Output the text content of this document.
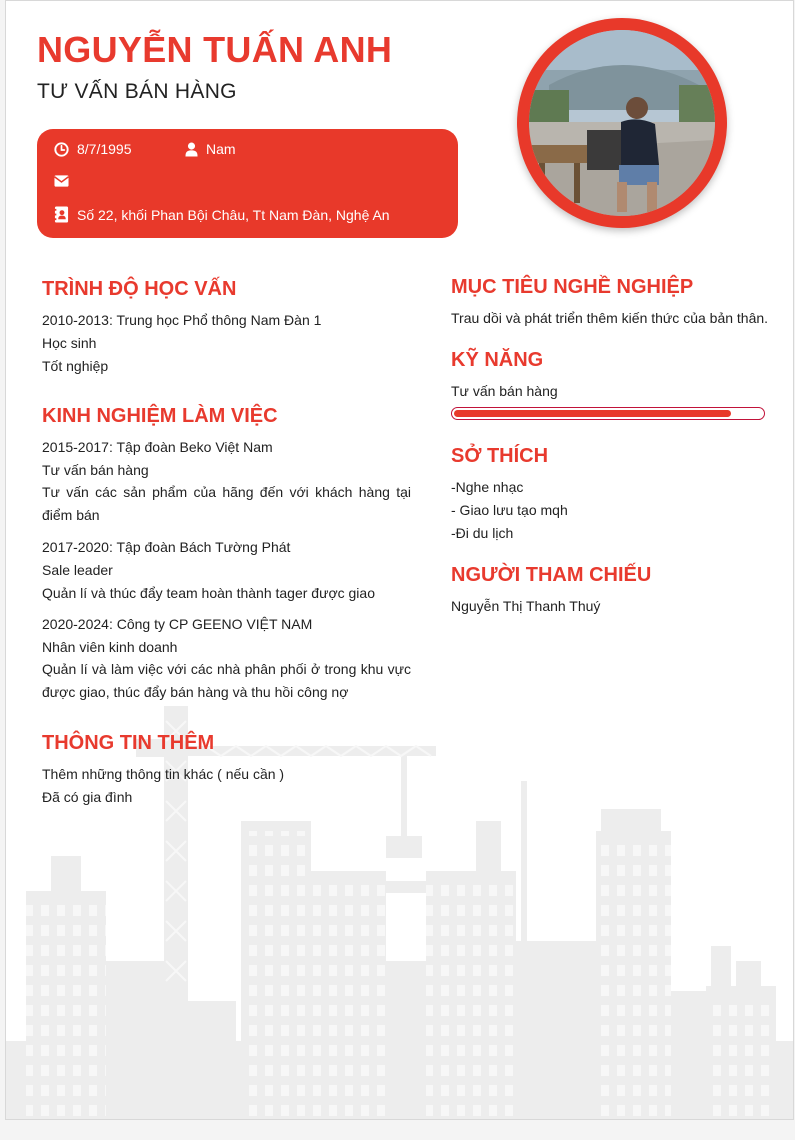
NGUYỄN TUẤN ANH

TƯ VẤN BÁN HÀNG

8/7/1995	Nam
Số 22, khối Phan Bội Châu, Tt Nam Đàn, Nghệ An
TRÌNH ĐỘ HỌC VẤN

2010-2013: Trung học Phổ thông Nam Đàn 1

Học sinh

Tốt nghiệp

KINH NGHIỆM LÀM VIỆC

2015-2017: Tập đoàn Beko Việt Nam

Tư vấn bán hàng

Tư vấn các sản phẩm của hãng đến với khách hàng tại điểm bán

2017-2020: Tập đoàn Bách Tường Phát

Sale leader

Quản lí và thúc đẩy team hoàn thành tager được giao

2020-2024: Công ty CP GEENO VIỆT NAM

Nhân viên kinh doanh

Quản lí và làm việc với các nhà phân phối ở trong khu vực được giao, thúc đẩy bán hàng và thu hồi công nợ

THÔNG TIN THÊM

Thêm những thông tin khác ( nếu cần )

Đã có gia đình

MỤC TIÊU NGHỀ NGHIỆP

Trau dồi và phát triển thêm kiến thức của bản thân.

KỸ NĂNG

Tư vấn bán hàng

SỞ THÍCH

-Nghe nhạc

- Giao lưu tạo mqh

-Đi du lịch

NGƯỜI THAM CHIẾU

Nguyễn Thị Thanh Thuý
